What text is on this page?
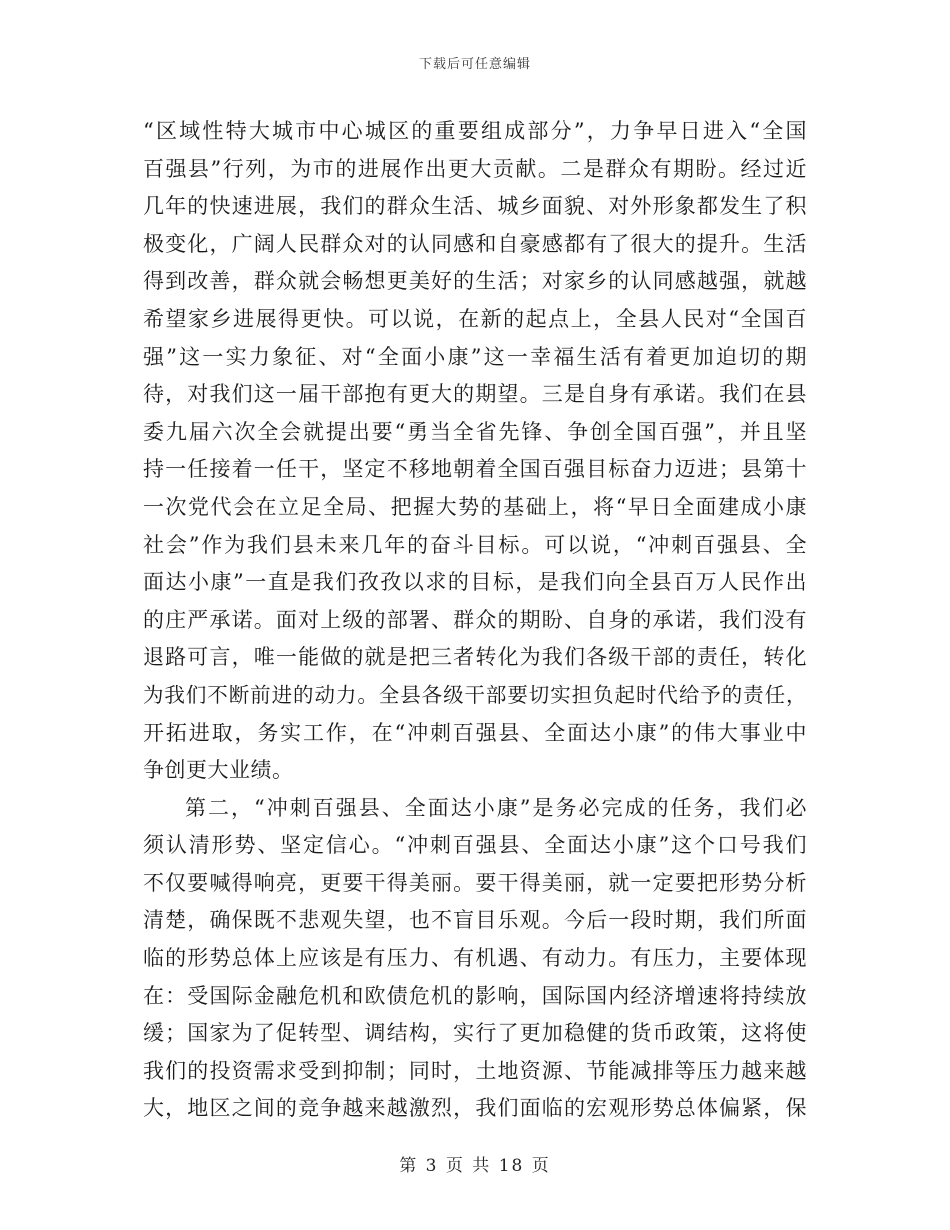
下载后可任意编辑
“区域性特大城市中心城区的重要组成部分”，力争早日进入“全国
百强县”行列，为市的进展作出更大贡献。二是群众有期盼。经过近
几年的快速进展，我们的群众生活、城乡面貌、对外形象都发生了积
极变化，广阔人民群众对的认同感和自豪感都有了很大的提升。生活
得到改善，群众就会畅想更美好的生活；对家乡的认同感越强，就越
希望家乡进展得更快。可以说，在新的起点上，全县人民对“全国百
强”这一实力象征、对“全面小康”这一幸福生活有着更加迫切的期
待，对我们这一届干部抱有更大的期望。三是自身有承诺。我们在县
委九届六次全会就提出要“勇当全省先锋、争创全国百强”，并且坚
持一任接着一任干，坚定不移地朝着全国百强目标奋力迈进；县第十
一次党代会在立足全局、把握大势的基础上，将“早日全面建成小康
社会”作为我们县未来几年的奋斗目标。可以说，“冲刺百强县、全
面达小康”一直是我们孜孜以求的目标，是我们向全县百万人民作出
的庄严承诺。面对上级的部署、群众的期盼、自身的承诺，我们没有
退路可言，唯一能做的就是把三者转化为我们各级干部的责任，转化
为我们不断前进的动力。全县各级干部要切实担负起时代给予的责任，
开拓进取，务实工作，在“冲刺百强县、全面达小康”的伟大事业中
争创更大业绩。
第二，“冲刺百强县、全面达小康”是务必完成的任务，我们必
须认清形势、坚定信心。“冲刺百强县、全面达小康”这个口号我们
不仅要喊得响亮，更要干得美丽。要干得美丽，就一定要把形势分析
清楚，确保既不悲观失望，也不盲目乐观。今后一段时期，我们所面
临的形势总体上应该是有压力、有机遇、有动力。有压力，主要体现
在：受国际金融危机和欧债危机的影响，国际国内经济增速将持续放
缓；国家为了促转型、调结构，实行了更加稳健的货币政策，这将使
我们的投资需求受到抑制；同时，土地资源、节能减排等压力越来越
大，地区之间的竞争越来越激烈，我们面临的宏观形势总体偏紧，保
第 3 页 共 18 页
